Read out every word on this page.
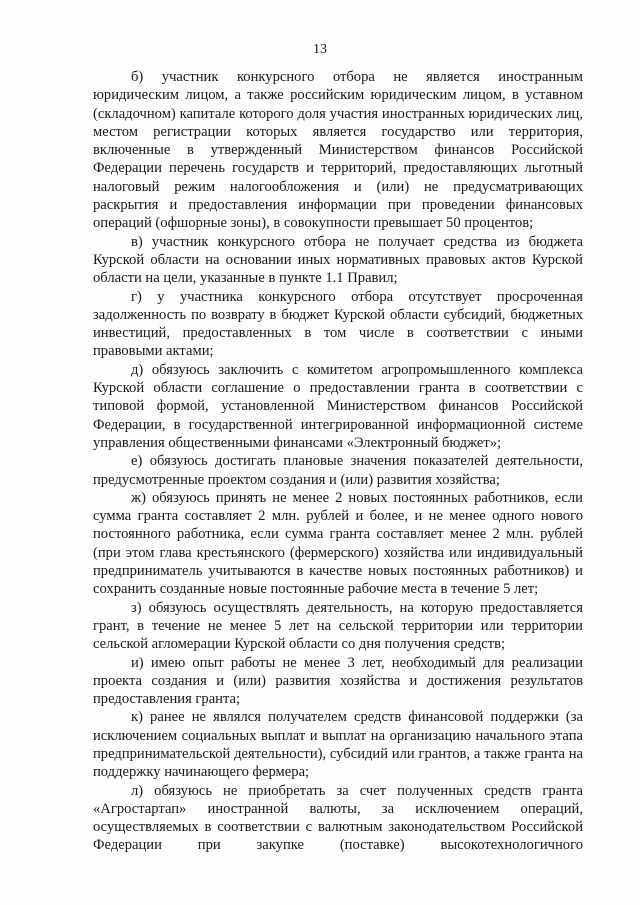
13

б) участник конкурсного отбора не является иностранным юридическим лицом, а также российским юридическим лицом, в уставном (складочном) капитале которого доля участия иностранных юридических лиц, местом регистрации которых является государство или территория, включенные в утвержденный Министерством финансов Российской Федерации перечень государств и территорий, предоставляющих льготный налоговый режим налогообложения и (или) не предусматривающих раскрытия и предоставления информации при проведении финансовых операций (офшорные зоны), в совокупности превышает 50 процентов;

в) участник конкурсного отбора не получает средства из бюджета Курской области на основании иных нормативных правовых актов Курской области на цели, указанные в пункте 1.1 Правил;

г) у участника конкурсного отбора отсутствует просроченная задолженность по возврату в бюджет Курской области субсидий, бюджетных инвестиций, предоставленных в том числе в соответствии с иными правовыми актами;

д) обязуюсь заключить с комитетом агропромышленного комплекса Курской области соглашение о предоставлении гранта в соответствии с типовой формой, установленной Министерством финансов Российской Федерации, в государственной интегрированной информационной системе управления общественными финансами «Электронный бюджет»;

е) обязуюсь достигать плановые значения показателей деятельности, предусмотренные проектом создания и (или) развития хозяйства;

ж) обязуюсь принять не менее 2 новых постоянных работников, если сумма гранта составляет 2 млн. рублей и более, и не менее одного нового постоянного работника, если сумма гранта составляет менее 2 млн. рублей (при этом глава крестьянского (фермерского) хозяйства или индивидуальный предприниматель учитываются в качестве новых постоянных работников) и сохранить созданные новые постоянные рабочие места в течение 5 лет;

з) обязуюсь осуществлять деятельность, на которую предоставляется грант, в течение не менее 5 лет на сельской территории или территории сельской агломерации Курской области со дня получения средств;

и) имею опыт работы не менее 3 лет, необходимый для реализации проекта создания и (или) развития хозяйства и достижения результатов предоставления гранта;

к) ранее не являлся получателем средств финансовой поддержки (за исключением социальных выплат и выплат на организацию начального этапа предпринимательской деятельности), субсидий или грантов, а также гранта на поддержку начинающего фермера;

л) обязуюсь не приобретать за счет полученных средств гранта «Агростартап» иностранной валюты, за исключением операций, осуществляемых в соответствии с валютным законодательством Российской Федерации при закупке (поставке) высокотехнологичного
